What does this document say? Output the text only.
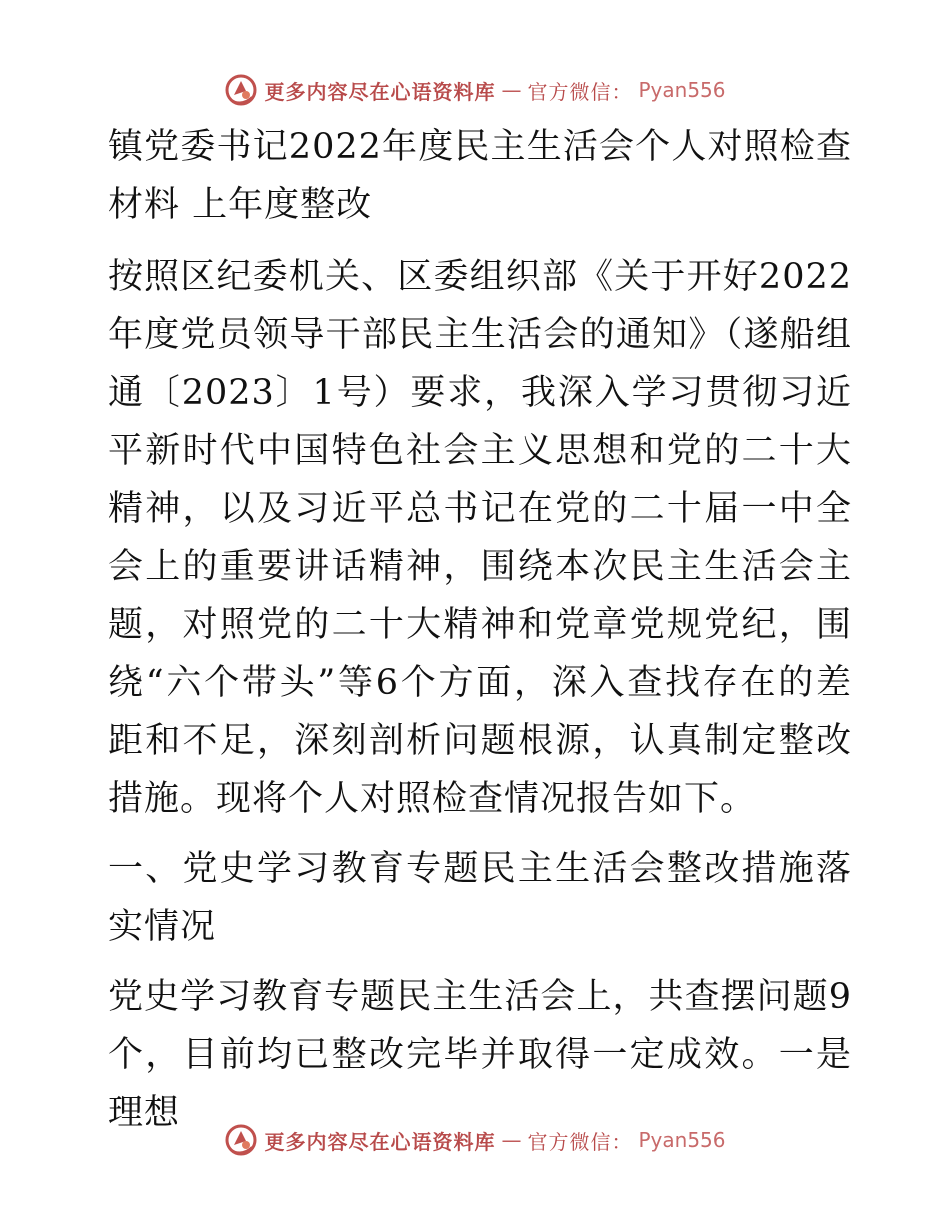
更多内容尽在心语资料库 — 官方微信： Pyan556

镇党委书记2022年度民主生活会个人对照检查材料 上年度整改

按照区纪委机关、区委组织部《关于开好2022年度党员领导干部民主生活会的通知》（遂船组通〔2023〕1号）要求，我深入学习贯彻习近平新时代中国特色社会主义思想和党的二十大精神，以及习近平总书记在党的二十届一中全会上的重要讲话精神，围绕本次民主生活会主题，对照党的二十大精神和党章党规党纪，围绕“六个带头”等6个方面，深入查找存在的差距和不足，深刻剖析问题根源，认真制定整改措施。现将个人对照检查情况报告如下。

一、党史学习教育专题民主生活会整改措施落实情况

党史学习教育专题民主生活会上，共查摆问题9个，目前均已整改完毕并取得一定成效。一是理想

更多内容尽在心语资料库 — 官方微信： Pyan556
